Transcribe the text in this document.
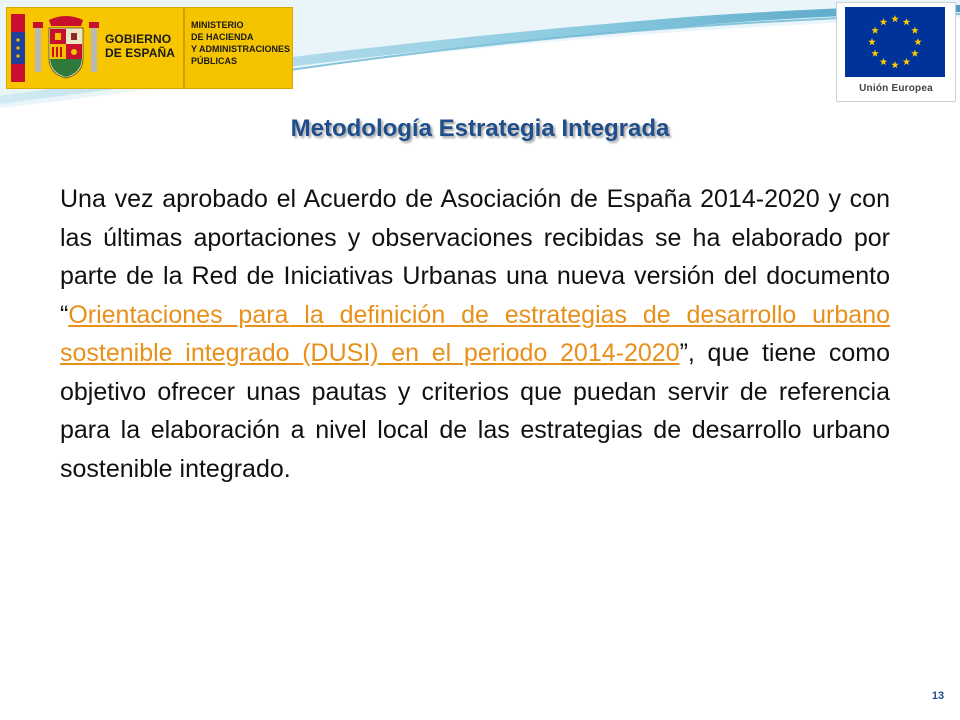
GOBIERNO
DE ESPAÑA
MINISTERIO
DE HACIENDA
Y ADMINISTRACIONES
PÚBLICAS
Unión Europea
Metodología Estrategia Integrada

Una vez aprobado el Acuerdo de Asociación de España 2014-2020 y con las últimas aportaciones y observaciones recibidas se ha elaborado por parte de la Red de Iniciativas Urbanas una nueva versión del documento “Orientaciones para la definición de estrategias de desarrollo urbano sostenible integrado (DUSI) en el periodo 2014-2020”, que tiene como objetivo ofrecer unas pautas y criterios que puedan servir de referencia para la elaboración a nivel local de las estrategias de desarrollo urbano sostenible integrado.

13
